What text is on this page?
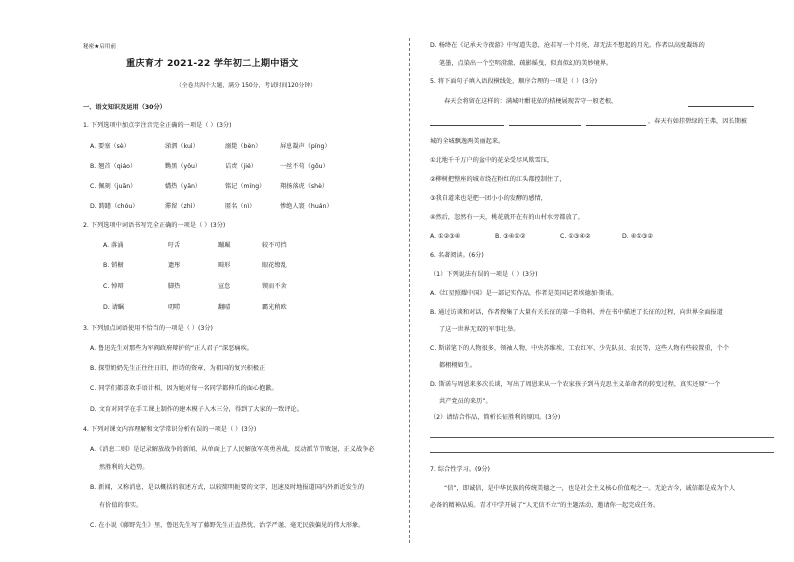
秘密★启用前
重庆育才 2021-22 学年初二上期中语文
（全卷共四个大题，满分 150分，考试时间120分钟）
一、语文知识及运用（30分）
1. 下列选项中加点字注音完全正确的一项是（ ）(3分)
A. 要塞（sè）	涕泗（kuì）	溺毙（bèn）	屏息凝声（píng）
B. 翘首（qiáo）	黝黑（yǒu）	诘责（jié）	一丝不苟（gǒu）
C. 佩刻（juān）	媾热（yān）	铭记（míng） 翔扬落虎（shè）
D. 踌躇（chóu）	滞留（zhì）	匿名（nì）	惨绝人寰（huán）
2. 下列选项中词语书写完全正确的一项是（ ）(3分)
A. 落涌	吁舌	蹦珮	较不可挡
B. 销橱	遗彤	畸形	眼花缭乱
C. 悼辩	脚热	宣怠	锲而不舍
D. 请瞩	叨唠	翻晴	霸光稍欧
3. 下列加点词语使用不恰当的一项是（ ）(3分)
A. 鲁迅先生对那些为军阀政府辩护的“正人君子”深恶痛疾。
B. 探望奶奶先生正往往日旧，拒诗的资章，为祖国的复兴积极正
C. 同学们都喜欢手语计相，因为她对每一名同学都伸爪的面心抱歉。
D. 文育对同学在手工课上制作的建木模子入木三分，得到了大家的一致评论。
4. 下列对课文内容理解和文学常识分析有误的一项是（ ）(3分)
A.《消息二则》是记录解放战争的新闻，从单面上了人民解放军英勇善战，反动派节节败退，正义战争必
然胜利的大趋势。
B. 新闻，又称消息，是以概括的叙述方式，以较简明扼要的文字，迅速及时地报道国内外新近发生的
有价值的事实。
C. 在小说《藤野先生》里，鲁迅先生写了藤野先生正直热忱、治学严谨、毫无民族偏见的伟大形象。
D. 杨绛在《记承天寺夜游》中写道失意，沧若写一个月亮，却无法不想起的月光。作者以高度凝练的
笔墨，点染出一个空明澄澈、疏影摇曳、似真似幻的美妙境界。
5. 将下面句子填入语段横线处，顺序合理的一项是（ ）(3分)
春天会将留在这样的：满城叶酣花依的桔梗展现苦守一般老根，
，春天有如挂碧绿的王弗，因长期被
城的全城飘逸两美丽起来。
①北地千千万户的盆中的花朵受尽风欺雪压，
②柳树把整座的城市绕在粉红的江头都控制住了，
③我自道来也是把一团小小的发酵的感情，
④然后，忽然有一天，桃花就开在有的山村水旁都放了，
A. ①②③④	B. ③④①②	C. ①③④②	D. ④①③②
6. 名著阅读。(6分)
（1）下列说法有误的一项是（ ）(3分)
A.《红星照耀中国》是一部记实作品，作者是美国记者埃德加·斯诺。
B. 通过访谈和对话，作者搜集了大量有关长征的第一手资料，并在书中描述了长征的过程，向世界全面报道
了这一世界无双的军事壮举。
C. 斯诺笔下的人物很多，领袖人物、中央苏维埃、工农红军、少先队员、农民等，这些人物有些较置重，个个
都栩栩如生。
D. 斯诺与周恩来多次长谈，写出了周恩来从一个农家孩子到马克思主义革命者的转变过程，真实还原“一个
共产党员的来历”。
（2）请结合作品，简析长征胜利的原因。(3分)
7. 综合性学习。(9分)
“信”，即诚信，是中华民族的传统美德之一，也是社会主义核心价值观之一。无论古今，诚信都是成为个人
必备的精神品质。青才中学开展了“人无信不立”的主题活动，邀请你一起完成任务。
